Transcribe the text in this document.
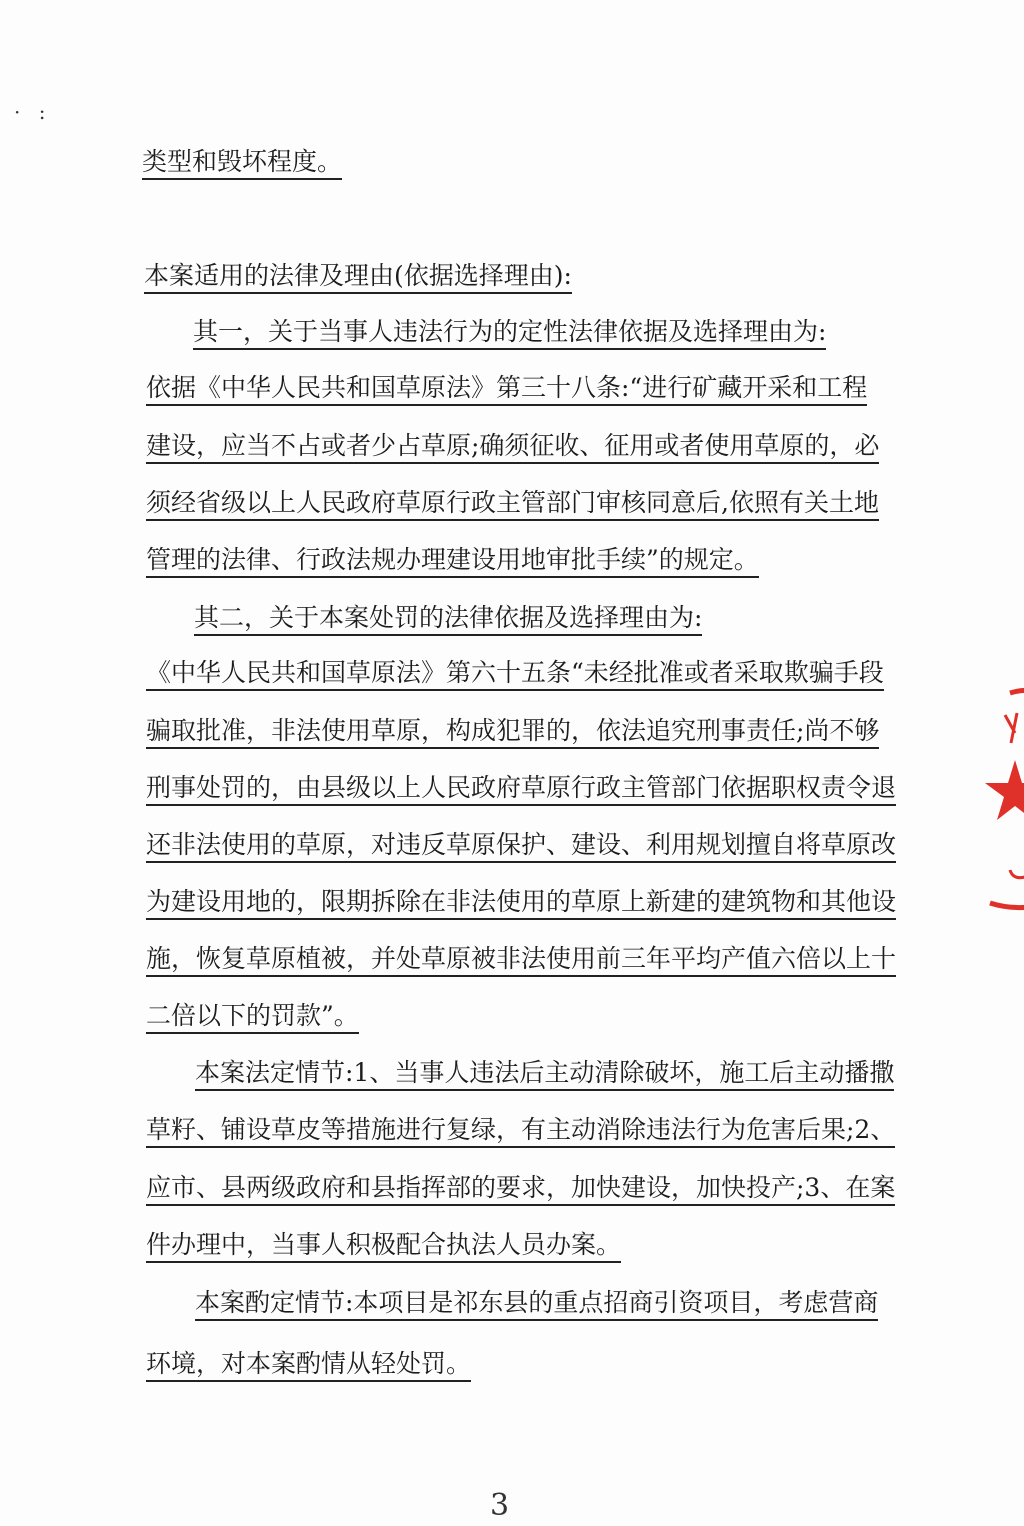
· :
类型和毁坏程度。
本案适用的法律及理由(依据选择理由):
其一，关于当事人违法行为的定性法律依据及选择理由为:
依据《中华人民共和国草原法》第三十八条:“进行矿藏开采和工程
建设，应当不占或者少占草原;确须征收、征用或者使用草原的，必
须经省级以上人民政府草原行政主管部门审核同意后,依照有关土地
管理的法律、行政法规办理建设用地审批手续”的规定。
其二，关于本案处罚的法律依据及选择理由为:
《中华人民共和国草原法》第六十五条“未经批准或者采取欺骗手段
骗取批准，非法使用草原，构成犯罪的，依法追究刑事责任;尚不够
刑事处罚的，由县级以上人民政府草原行政主管部门依据职权责令退
还非法使用的草原，对违反草原保护、建设、利用规划擅自将草原改
为建设用地的，限期拆除在非法使用的草原上新建的建筑物和其他设
施，恢复草原植被，并处草原被非法使用前三年平均产值六倍以上十
二倍以下的罚款”。
本案法定情节:1、当事人违法后主动清除破坏，施工后主动播撒
草籽、铺设草皮等措施进行复绿，有主动消除违法行为危害后果;2、
应市、县两级政府和县指挥部的要求，加快建设，加快投产;3、在案
件办理中，当事人积极配合执法人员办案。
本案酌定情节:本项目是祁东县的重点招商引资项目，考虑营商
环境，对本案酌情从轻处罚。
3
